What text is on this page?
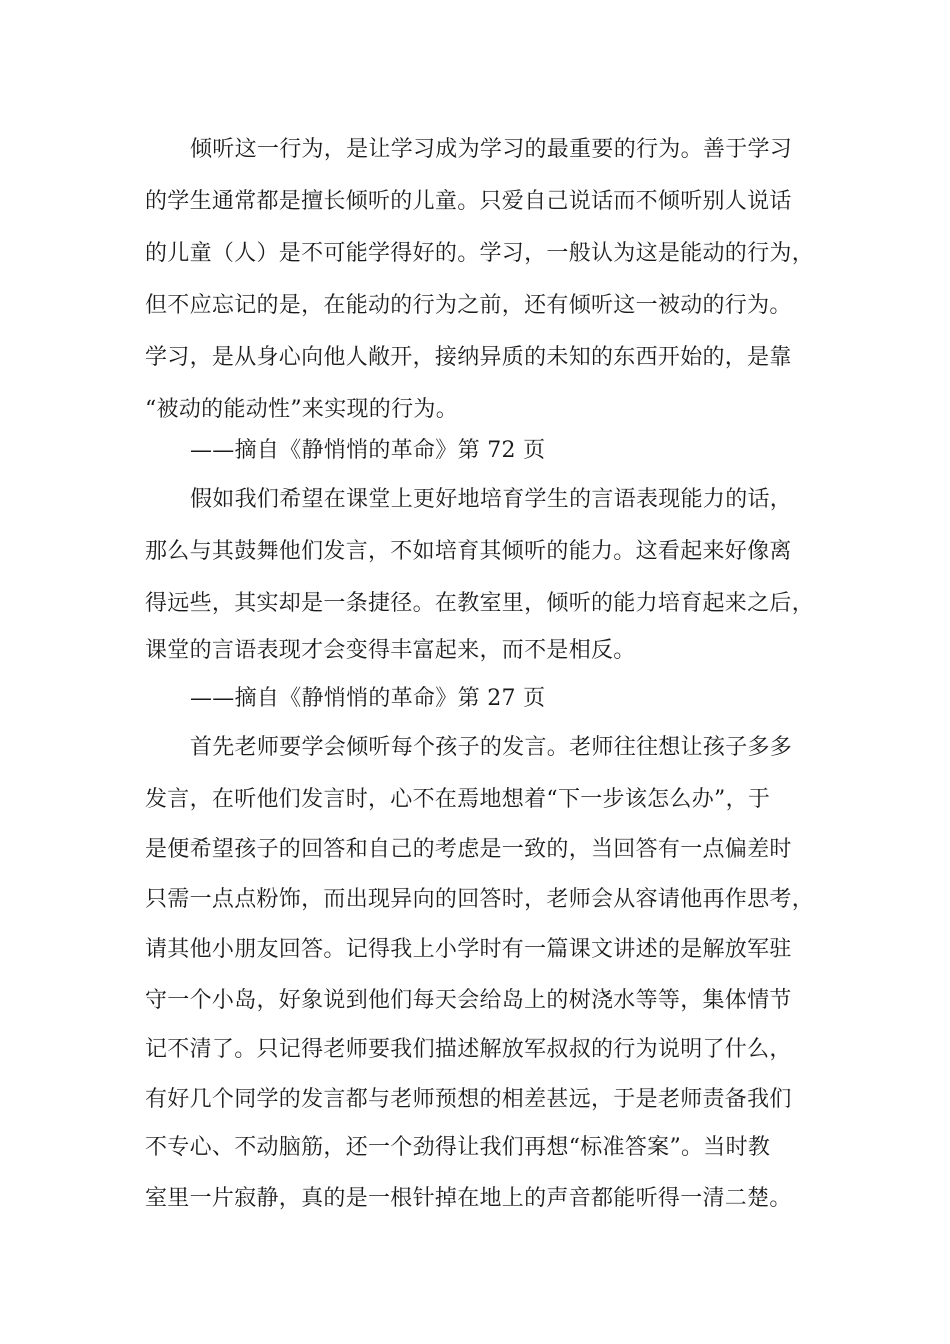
倾听这一行为，是让学习成为学习的最重要的行为。善于学习
的学生通常都是擅长倾听的儿童。只爱自己说话而不倾听别人说话
的儿童（人）是不可能学得好的。学习，一般认为这是能动的行为，
但不应忘记的是，在能动的行为之前，还有倾听这一被动的行为。
学习，是从身心向他人敞开，接纳异质的未知的东西开始的，是靠
“被动的能动性”来实现的行为。
——摘自《静悄悄的革命》第 72 页
假如我们希望在课堂上更好地培育学生的言语表现能力的话，
那么与其鼓舞他们发言，不如培育其倾听的能力。这看起来好像离
得远些，其实却是一条捷径。在教室里，倾听的能力培育起来之后，
课堂的言语表现才会变得丰富起来，而不是相反。
——摘自《静悄悄的革命》第 27 页
首先老师要学会倾听每个孩子的发言。老师往往想让孩子多多
发言，在听他们发言时，心不在焉地想着“下一步该怎么办”，于
是便希望孩子的回答和自己的考虑是一致的，当回答有一点偏差时
只需一点点粉饰，而出现异向的回答时，老师会从容请他再作思考，
请其他小朋友回答。记得我上小学时有一篇课文讲述的是解放军驻
守一个小岛，好象说到他们每天会给岛上的树浇水等等，集体情节
记不清了。只记得老师要我们描述解放军叔叔的行为说明了什么，
有好几个同学的发言都与老师预想的相差甚远，于是老师责备我们
不专心、不动脑筋，还一个劲得让我们再想“标准答案”。当时教
室里一片寂静，真的是一根针掉在地上的声音都能听得一清二楚。
